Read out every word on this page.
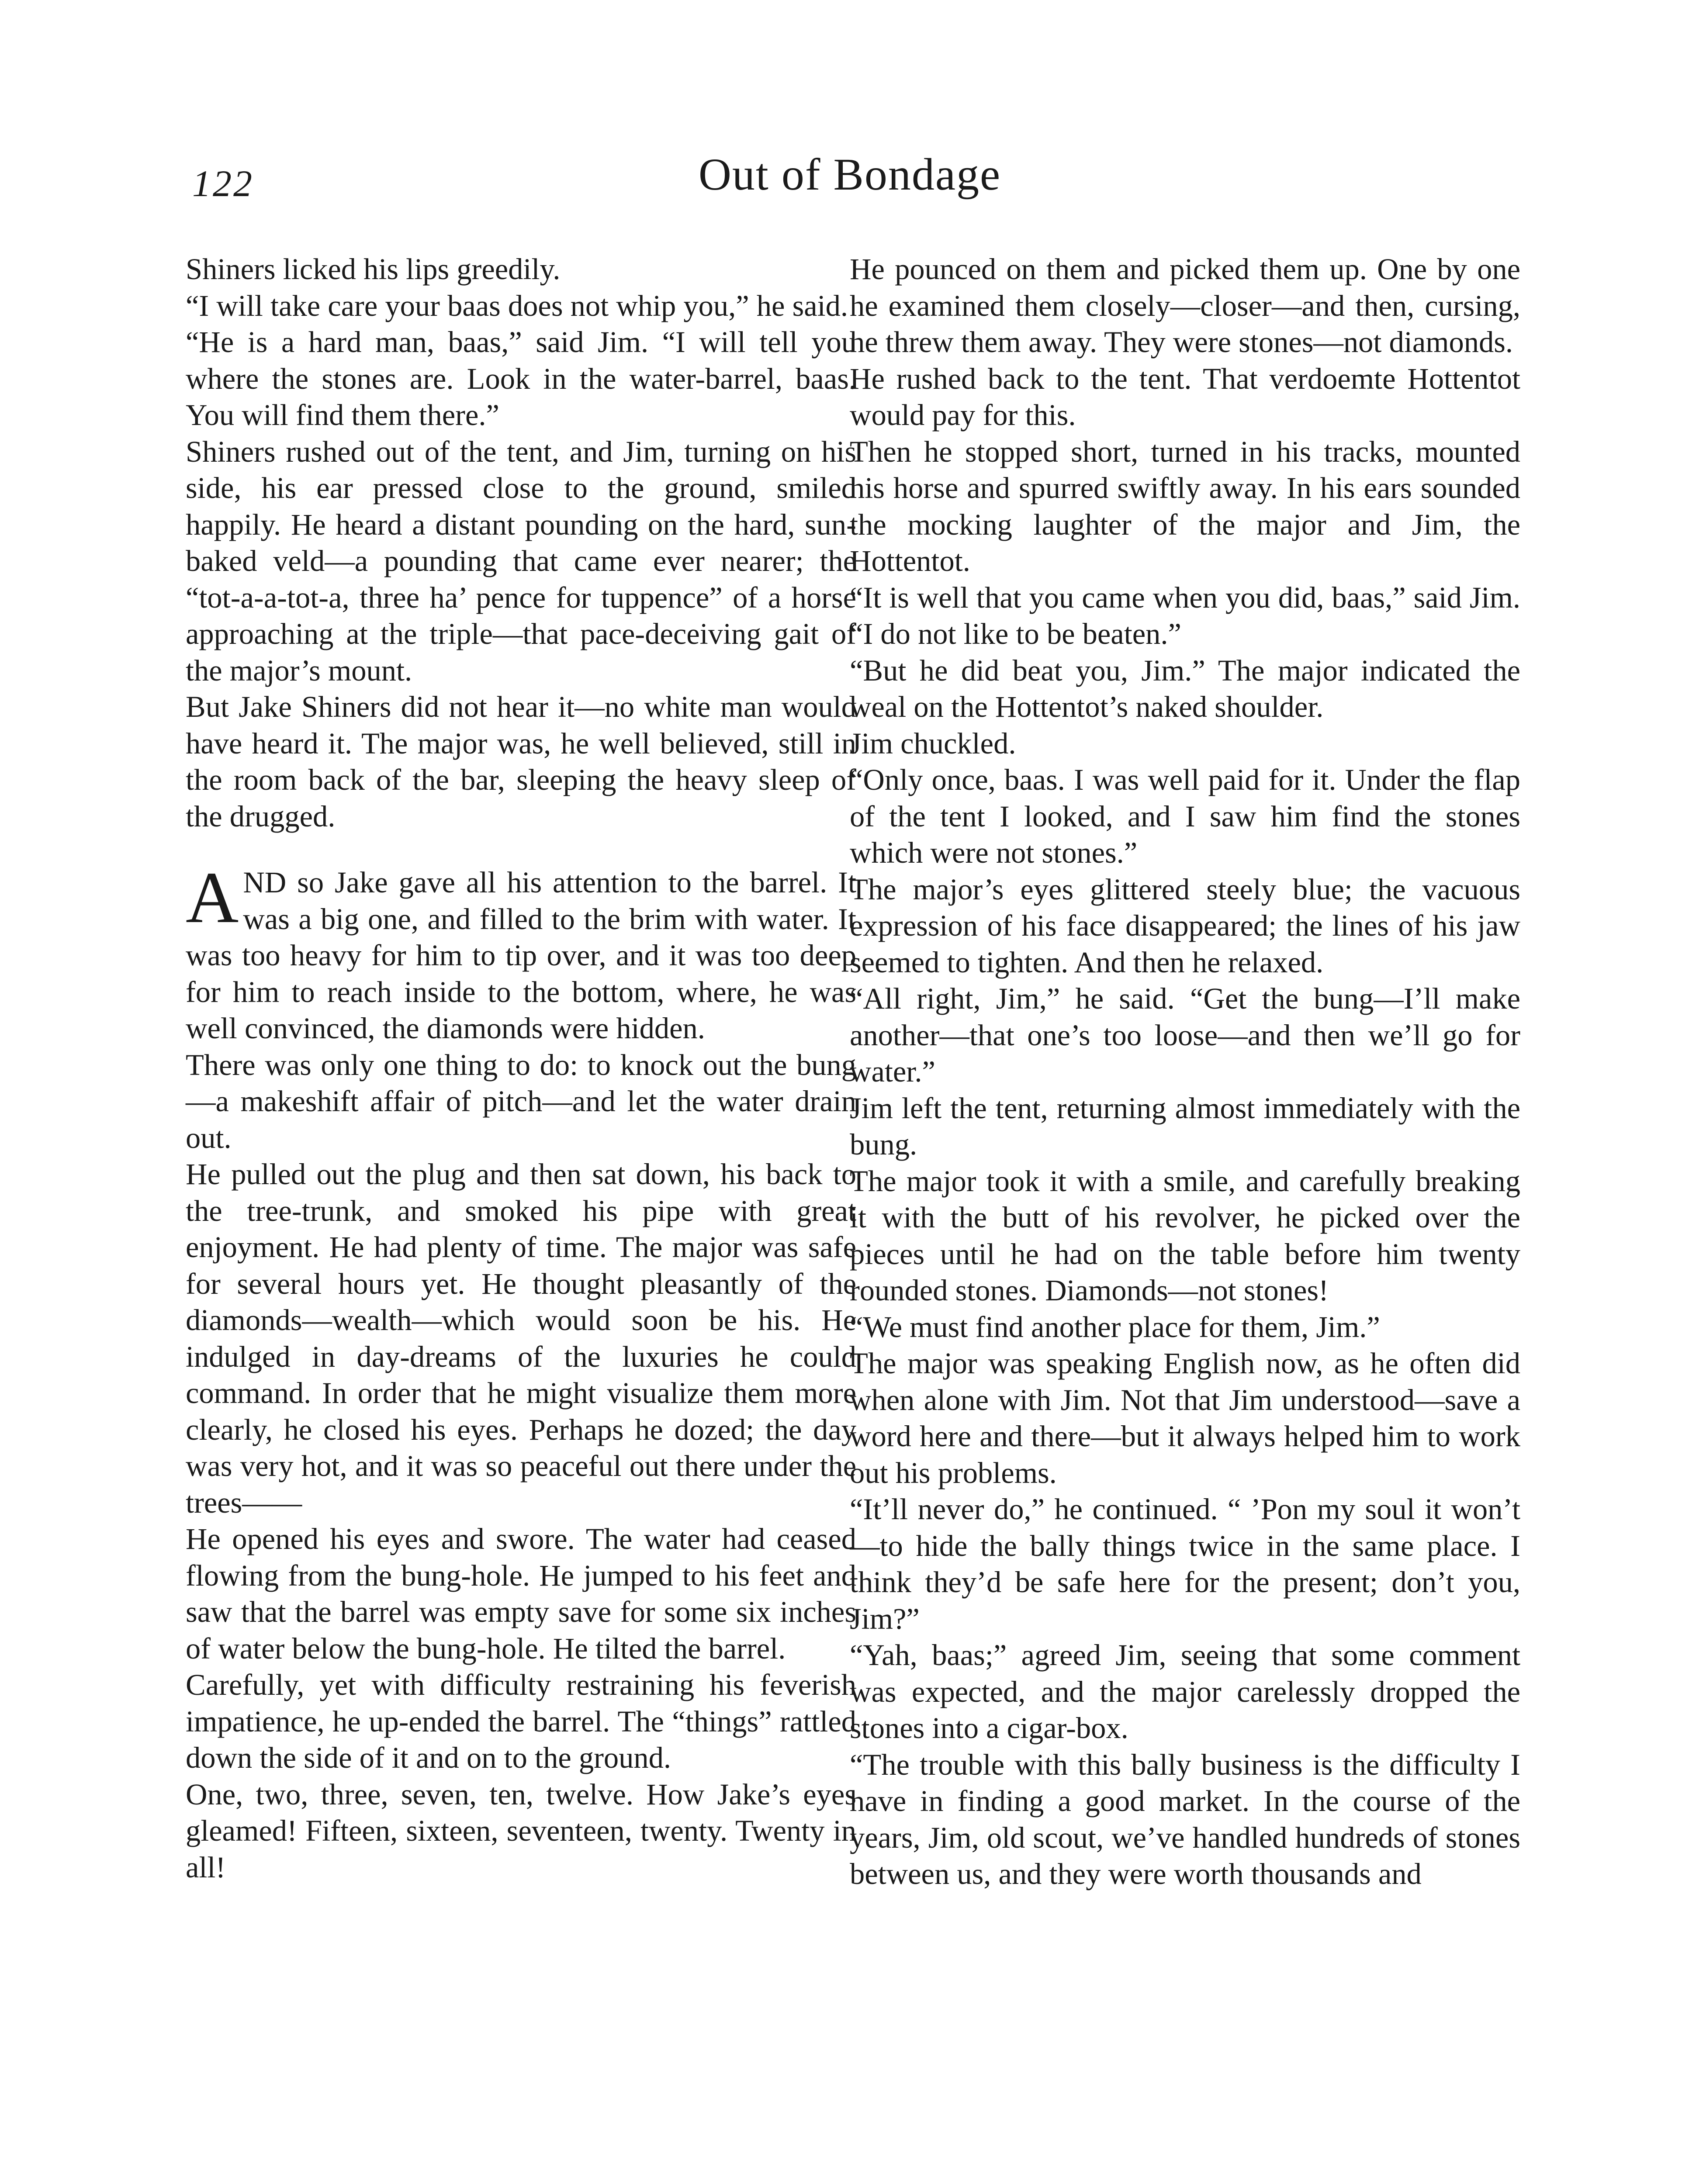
122	Out of Bondage

Shiners licked his lips greedily.

“I will take care your baas does not whip you,” he said.

“He is a hard man, baas,” said Jim. “I will tell you where the stones are. Look in the water-barrel, baas. You will find them there.”

Shiners rushed out of the tent, and Jim, turning on his side, his ear pressed close to the ground, smiled happily. He heard a distant pounding on the hard, sun-baked veld—a pounding that came ever nearer; the “tot-a-a-tot-a, three ha’ pence for tuppence” of a horse approaching at the triple—that pace-deceiving gait of the major’s mount.

But Jake Shiners did not hear it—no white man would have heard it. The major was, he well believed, still in the room back of the bar, sleeping the heavy sleep of the drugged.

AND so Jake gave all his attention to the barrel. It was a big one, and filled to the brim with water. It was too heavy for him to tip over, and it was too deep for him to reach inside to the bottom, where, he was well convinced, the diamonds were hidden.

There was only one thing to do: to knock out the bung—a makeshift affair of pitch—and let the water drain out.

He pulled out the plug and then sat down, his back to the tree-trunk, and smoked his pipe with great enjoyment. He had plenty of time. The major was safe for several hours yet. He thought pleasantly of the diamonds—wealth—which would soon be his. He indulged in day-dreams of the luxuries he could command. In order that he might visualize them more clearly, he closed his eyes. Perhaps he dozed; the day was very hot, and it was so peaceful out there under the trees——

He opened his eyes and swore. The water had ceased flowing from the bung-hole. He jumped to his feet and saw that the barrel was empty save for some six inches of water below the bung-hole. He tilted the barrel.

Carefully, yet with difficulty restraining his feverish impatience, he up-ended the barrel. The “things” rattled down the side of it and on to the ground.

One, two, three, seven, ten, twelve. How Jake’s eyes gleamed! Fifteen, sixteen, seventeen, twenty. Twenty in all!

He pounced on them and picked them up. One by one he examined them closely—closer—and then, cursing, he threw them away. They were stones—not diamonds.

He rushed back to the tent. That verdoemte Hottentot would pay for this.

Then he stopped short, turned in his tracks, mounted his horse and spurred swiftly away. In his ears sounded the mocking laughter of the major and Jim, the Hottentot.

“It is well that you came when you did, baas,” said Jim. “I do not like to be beaten.”

“But he did beat you, Jim.” The major indicated the weal on the Hottentot’s naked shoulder.

Jim chuckled.

“Only once, baas. I was well paid for it. Under the flap of the tent I looked, and I saw him find the stones which were not stones.”

The major’s eyes glittered steely blue; the vacuous expression of his face disappeared; the lines of his jaw seemed to tighten. And then he relaxed.

“All right, Jim,” he said. “Get the bung—I’ll make another—that one’s too loose—and then we’ll go for water.”

Jim left the tent, returning almost immediately with the bung.

The major took it with a smile, and carefully breaking it with the butt of his revolver, he picked over the pieces until he had on the table before him twenty rounded stones. Diamonds—not stones!

“We must find another place for them, Jim.”

The major was speaking English now, as he often did when alone with Jim. Not that Jim understood—save a word here and there—but it always helped him to work out his problems.

“It’ll never do,” he continued. “ ’Pon my soul it won’t—to hide the bally things twice in the same place. I think they’d be safe here for the present; don’t you, Jim?”

“Yah, baas;” agreed Jim, seeing that some comment was expected, and the major carelessly dropped the stones into a cigar-box.

“The trouble with this bally business is the difficulty I have in finding a good market. In the course of the years, Jim, old scout, we’ve handled hundreds of stones between us, and they were worth thousands and
